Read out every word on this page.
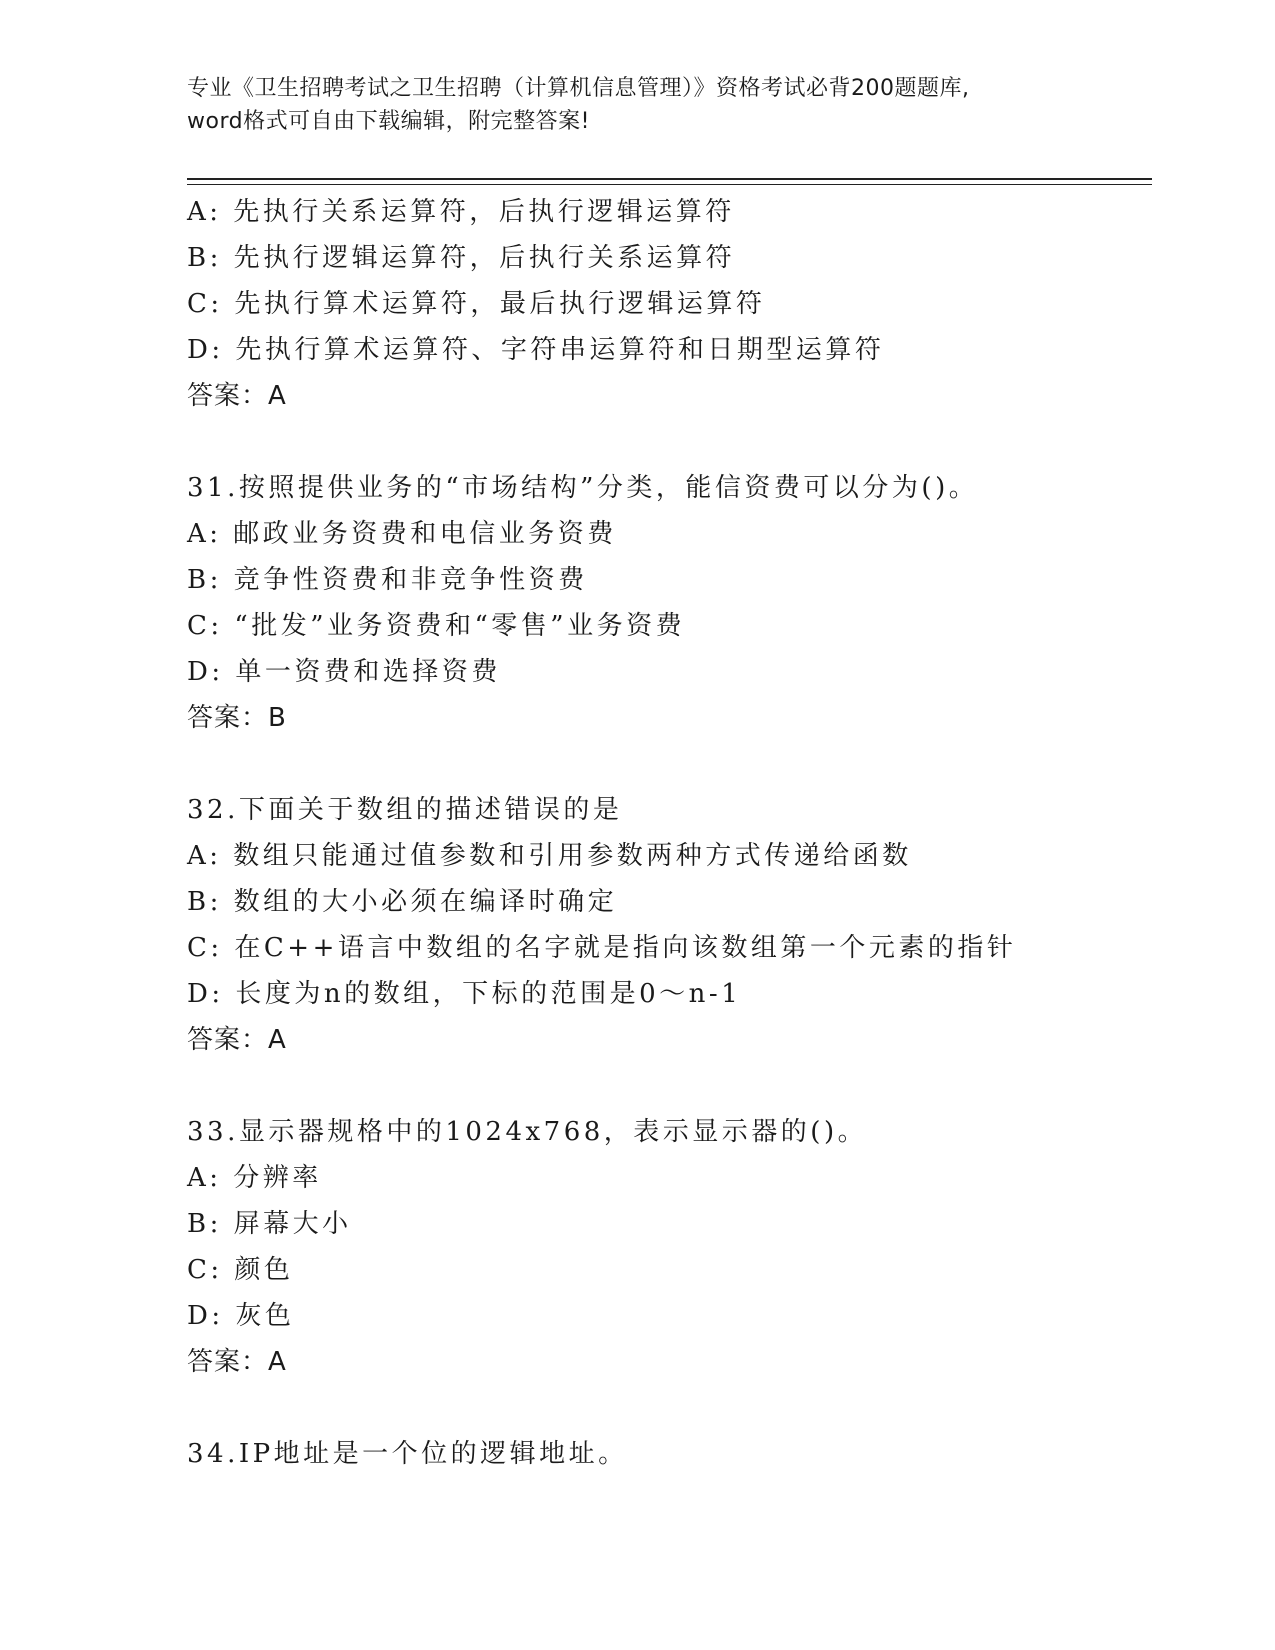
专业《卫生招聘考试之卫生招聘（计算机信息管理）》资格考试必背200题题库,
word格式可自由下载编辑，附完整答案!
A: 先执行关系运算符，后执行逻辑运算符
B: 先执行逻辑运算符，后执行关系运算符
C: 先执行算术运算符，最后执行逻辑运算符
D: 先执行算术运算符、字符串运算符和日期型运算符
答案：A
31.按照提供业务的“市场结构”分类，能信资费可以分为()。
A: 邮政业务资费和电信业务资费
B: 竞争性资费和非竞争性资费
C: “批发”业务资费和“零售”业务资费
D: 单一资费和选择资费
答案：B
32.下面关于数组的描述错误的是
A: 数组只能通过值参数和引用参数两种方式传递给函数
B: 数组的大小必须在编译时确定
C: 在C++语言中数组的名字就是指向该数组第一个元素的指针
D: 长度为n的数组，下标的范围是0～n-1
答案：A
33.显示器规格中的1024x768，表示显示器的()。
A: 分辨率
B: 屏幕大小
C: 颜色
D: 灰色
答案：A
34.IP地址是一个位的逻辑地址。
